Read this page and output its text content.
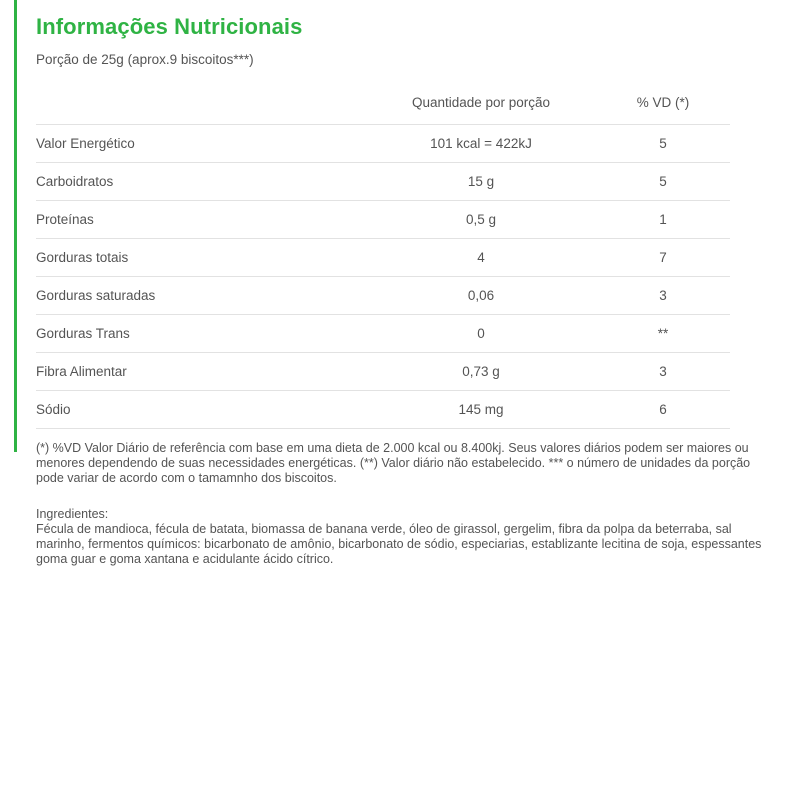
Informações Nutricionais

Porção de 25g (aprox.9 biscoitos***)

	Quantidade por porção	% VD (*)
Valor Energético	101 kcal = 422kJ	5
Carboidratos	15 g	5
Proteínas	0,5 g	1
Gorduras totais	4	7
Gorduras saturadas	0,06	3
Gorduras Trans	0	**
Fibra Alimentar	0,73 g	3
Sódio	145 mg	6

(*) %VD Valor Diário de referência com base em uma dieta de 2.000 kcal ou 8.400kj. Seus valores diários podem ser maiores ou menores dependendo de suas necessidades energéticas. (**) Valor diário não estabelecido. *** o número de unidades da porção pode variar de acordo com o tamamnho dos biscoitos.

Ingredientes:
Fécula de mandioca, fécula de batata, biomassa de banana verde, óleo de girassol, gergelim, fibra da polpa da beterraba, sal marinho, fermentos químicos: bicarbonato de amônio, bicarbonato de sódio, especiarias, establizante lecitina de soja, espessantes goma guar e goma xantana e acidulante ácido cítrico.
